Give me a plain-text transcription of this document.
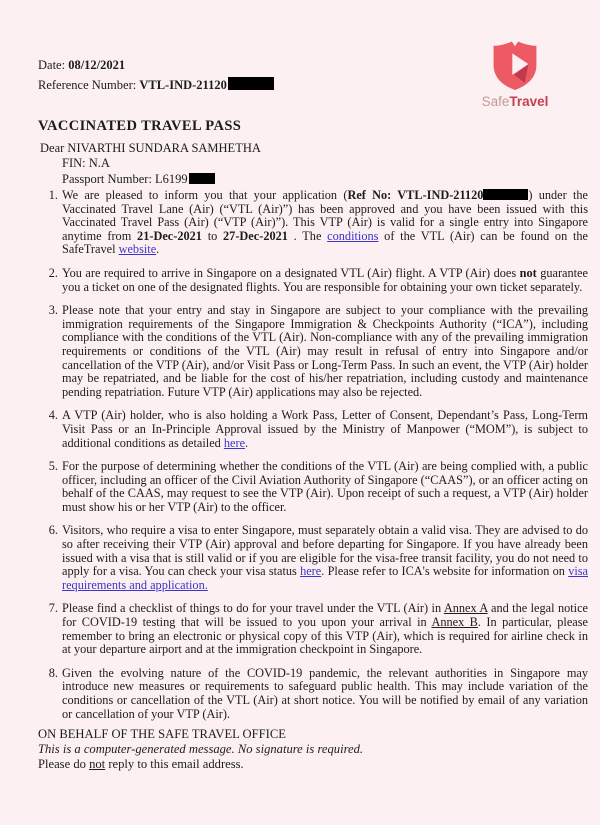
Date: 08/12/2021
Reference Number: VTL-IND-21120
SafeTravel
VACCINATED TRAVEL PASS
Dear NIVARTHI SUNDARA SAMHETHA
FIN: N.A
Passport Number: L6199
1. We are pleased to inform you that your application (Ref No: VTL-IND-21120	) under the Vaccinated Travel Lane (Air) (“VTL (Air)”) has been approved and you have been issued with this Vaccinated Travel Pass (Air) (“VTP (Air)”). This VTP (Air) is valid for a single entry into Singapore anytime from 21-Dec-2021 to 27-Dec-2021 . The conditions of the VTL (Air) can be found on the SafeTravel website.
2. You are required to arrive in Singapore on a designated VTL (Air) flight. A VTP (Air) does not guarantee you a ticket on one of the designated flights. You are responsible for obtaining your own ticket separately.
3. Please note that your entry and stay in Singapore are subject to your compliance with the prevailing immigration requirements of the Singapore Immigration & Checkpoints Authority (“ICA”), including compliance with the conditions of the VTL (Air). Non-compliance with any of the prevailing immigration requirements or conditions of the VTL (Air) may result in refusal of entry into Singapore and/or cancellation of the VTP (Air), and/or Visit Pass or Long-Term Pass. In such an event, the VTP (Air) holder may be repatriated, and be liable for the cost of his/her repatriation, including custody and maintenance pending repatriation. Future VTP (Air) applications may also be rejected.
4. A VTP (Air) holder, who is also holding a Work Pass, Letter of Consent, Dependant’s Pass, Long-Term Visit Pass or an In-Principle Approval issued by the Ministry of Manpower (“MOM”), is subject to additional conditions as detailed here.
5. For the purpose of determining whether the conditions of the VTL (Air) are being complied with, a public officer, including an officer of the Civil Aviation Authority of Singapore (“CAAS”), or an officer acting on behalf of the CAAS, may request to see the VTP (Air). Upon receipt of such a request, a VTP (Air) holder must show his or her VTP (Air) to the officer.
6. Visitors, who require a visa to enter Singapore, must separately obtain a valid visa. They are advised to do so after receiving their VTP (Air) approval and before departing for Singapore. If you have already been issued with a visa that is still valid or if you are eligible for the visa-free transit facility, you do not need to apply for a visa. You can check your visa status here. Please refer to ICA's website for information on visa requirements and application.
7. Please find a checklist of things to do for your travel under the VTL (Air) in Annex A and the legal notice for COVID-19 testing that will be issued to you upon your arrival in Annex B. In particular, please remember to bring an electronic or physical copy of this VTP (Air), which is required for airline check in at your departure airport and at the immigration checkpoint in Singapore.
8. Given the evolving nature of the COVID-19 pandemic, the relevant authorities in Singapore may introduce new measures or requirements to safeguard public health. This may include variation of the conditions or cancellation of the VTL (Air) at short notice. You will be notified by email of any variation or cancellation of your VTP (Air).
ON BEHALF OF THE SAFE TRAVEL OFFICE
This is a computer-generated message. No signature is required.
Please do not reply to this email address.
